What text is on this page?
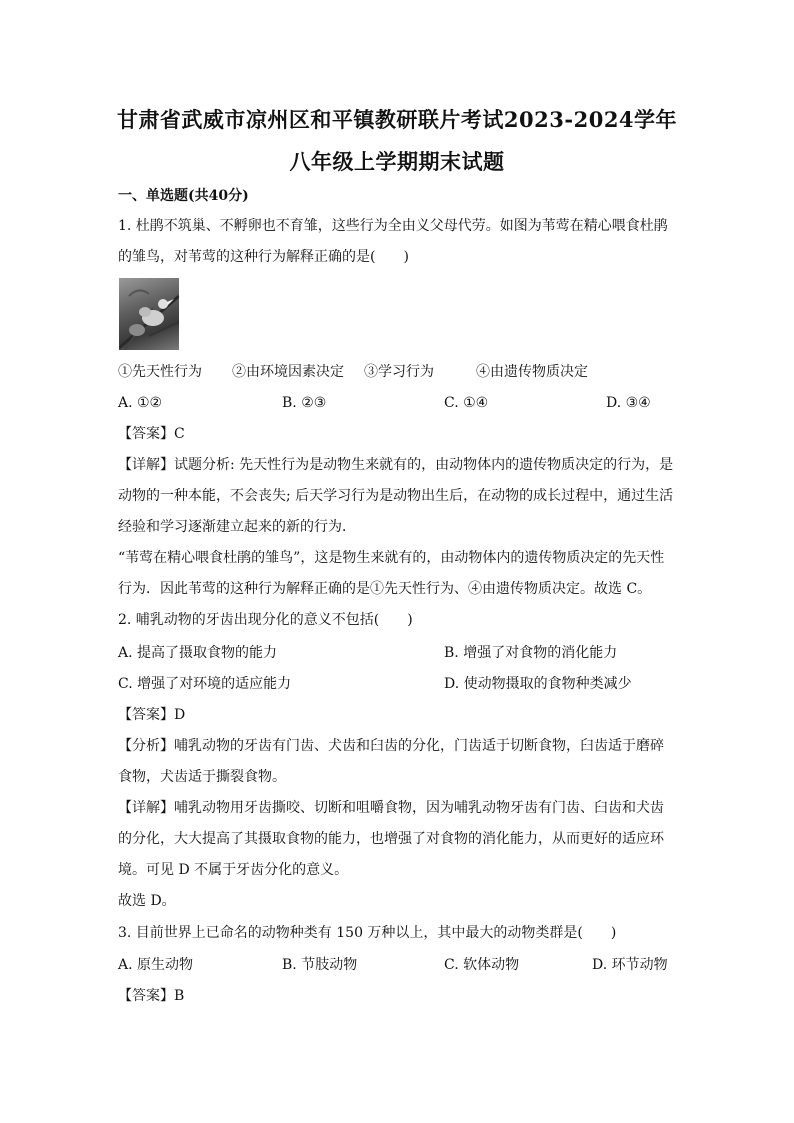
甘肃省武威市凉州区和平镇教研联片考试2023-2024学年
八年级上学期期末试题
一、单选题(共40分)
1. 杜鹃不筑巢、不孵卵也不育雏，这些行为全由义父母代劳。如图为苇莺在精心喂食杜鹃
的雏鸟，对苇莺的这种行为解释正确的是(　　)
①先天性行为 ②由环境因素决定 ③学习行为	④由遗传物质决定
A. ①②	B. ②③	C. ①④	D. ③④
【答案】C
【详解】试题分析: 先天性行为是动物生来就有的，由动物体内的遗传物质决定的行为，是
动物的一种本能，不会丧失; 后天学习行为是动物出生后，在动物的成长过程中，通过生活
经验和学习逐渐建立起来的新的行为．
“苇莺在精心喂食杜鹃的雏鸟”，这是物生来就有的，由动物体内的遗传物质决定的先天性
行为．因此苇莺的这种行为解释正确的是①先天性行为、④由遗传物质决定。故选 C。
2. 哺乳动物的牙齿出现分化的意义不包括(　　)
A. 提高了摄取食物的能力	B. 增强了对食物的消化能力
C. 增强了对环境的适应能力	D. 使动物摄取的食物种类减少
【答案】D
【分析】哺乳动物的牙齿有门齿、犬齿和臼齿的分化，门齿适于切断食物，臼齿适于磨碎
食物，犬齿适于撕裂食物。
【详解】哺乳动物用牙齿撕咬、切断和咀嚼食物，因为哺乳动物牙齿有门齿、臼齿和犬齿
的分化，大大提高了其摄取食物的能力，也增强了对食物的消化能力，从而更好的适应环
境。可见 D 不属于牙齿分化的意义。
故选 D。
3. 目前世界上已命名的动物种类有 150 万种以上，其中最大的动物类群是(　　)
A. 原生动物	B. 节肢动物	C. 软体动物	D. 环节动物
【答案】B
